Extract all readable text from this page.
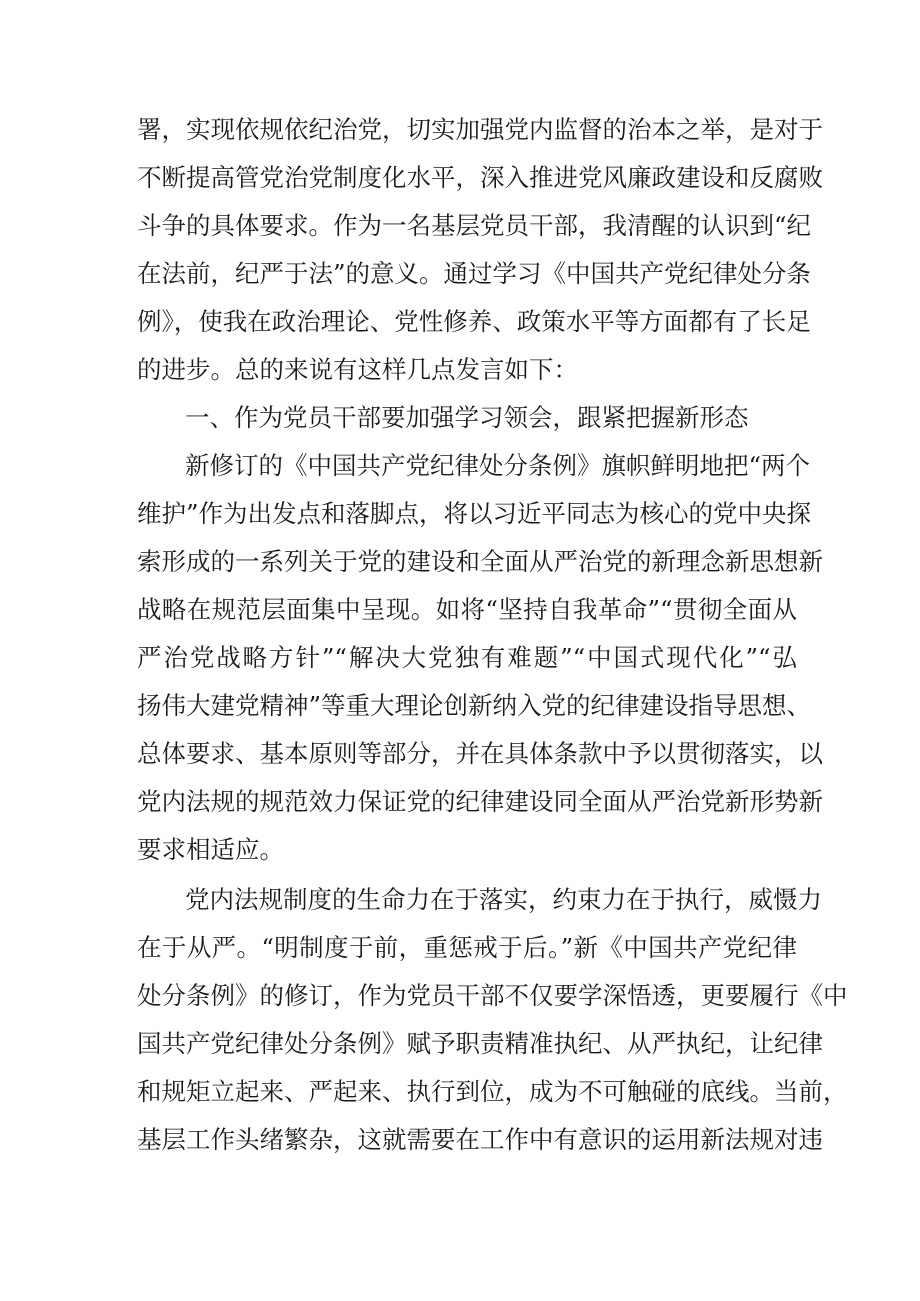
署，实现依规依纪治党，切实加强党内监督的治本之举，是对于
不断提高管党治党制度化水平，深入推进党风廉政建设和反腐败
斗争的具体要求。作为一名基层党员干部，我清醒的认识到“纪
在法前，纪严于法”的意义。通过学习《中国共产党纪律处分条
例》，使我在政治理论、党性修养、政策水平等方面都有了长足
的进步。总的来说有这样几点发言如下：
一、作为党员干部要加强学习领会，跟紧把握新形态
新修订的《中国共产党纪律处分条例》旗帜鲜明地把“两个
维护”作为出发点和落脚点，将以习近平同志为核心的党中央探
索形成的一系列关于党的建设和全面从严治党的新理念新思想新
战略在规范层面集中呈现。如将“坚持自我革命”“贯彻全面从
严治党战略方针”“解决大党独有难题”“中国式现代化”“弘
扬伟大建党精神”等重大理论创新纳入党的纪律建设指导思想、
总体要求、基本原则等部分，并在具体条款中予以贯彻落实，以
党内法规的规范效力保证党的纪律建设同全面从严治党新形势新
要求相适应。
党内法规制度的生命力在于落实，约束力在于执行，威慑力
在于从严。“明制度于前，重惩戒于后。”新《中国共产党纪律
处分条例》的修订，作为党员干部不仅要学深悟透，更要履行《中
国共产党纪律处分条例》赋予职责精准执纪、从严执纪，让纪律
和规矩立起来、严起来、执行到位，成为不可触碰的底线。当前，
基层工作头绪繁杂，这就需要在工作中有意识的运用新法规对违
